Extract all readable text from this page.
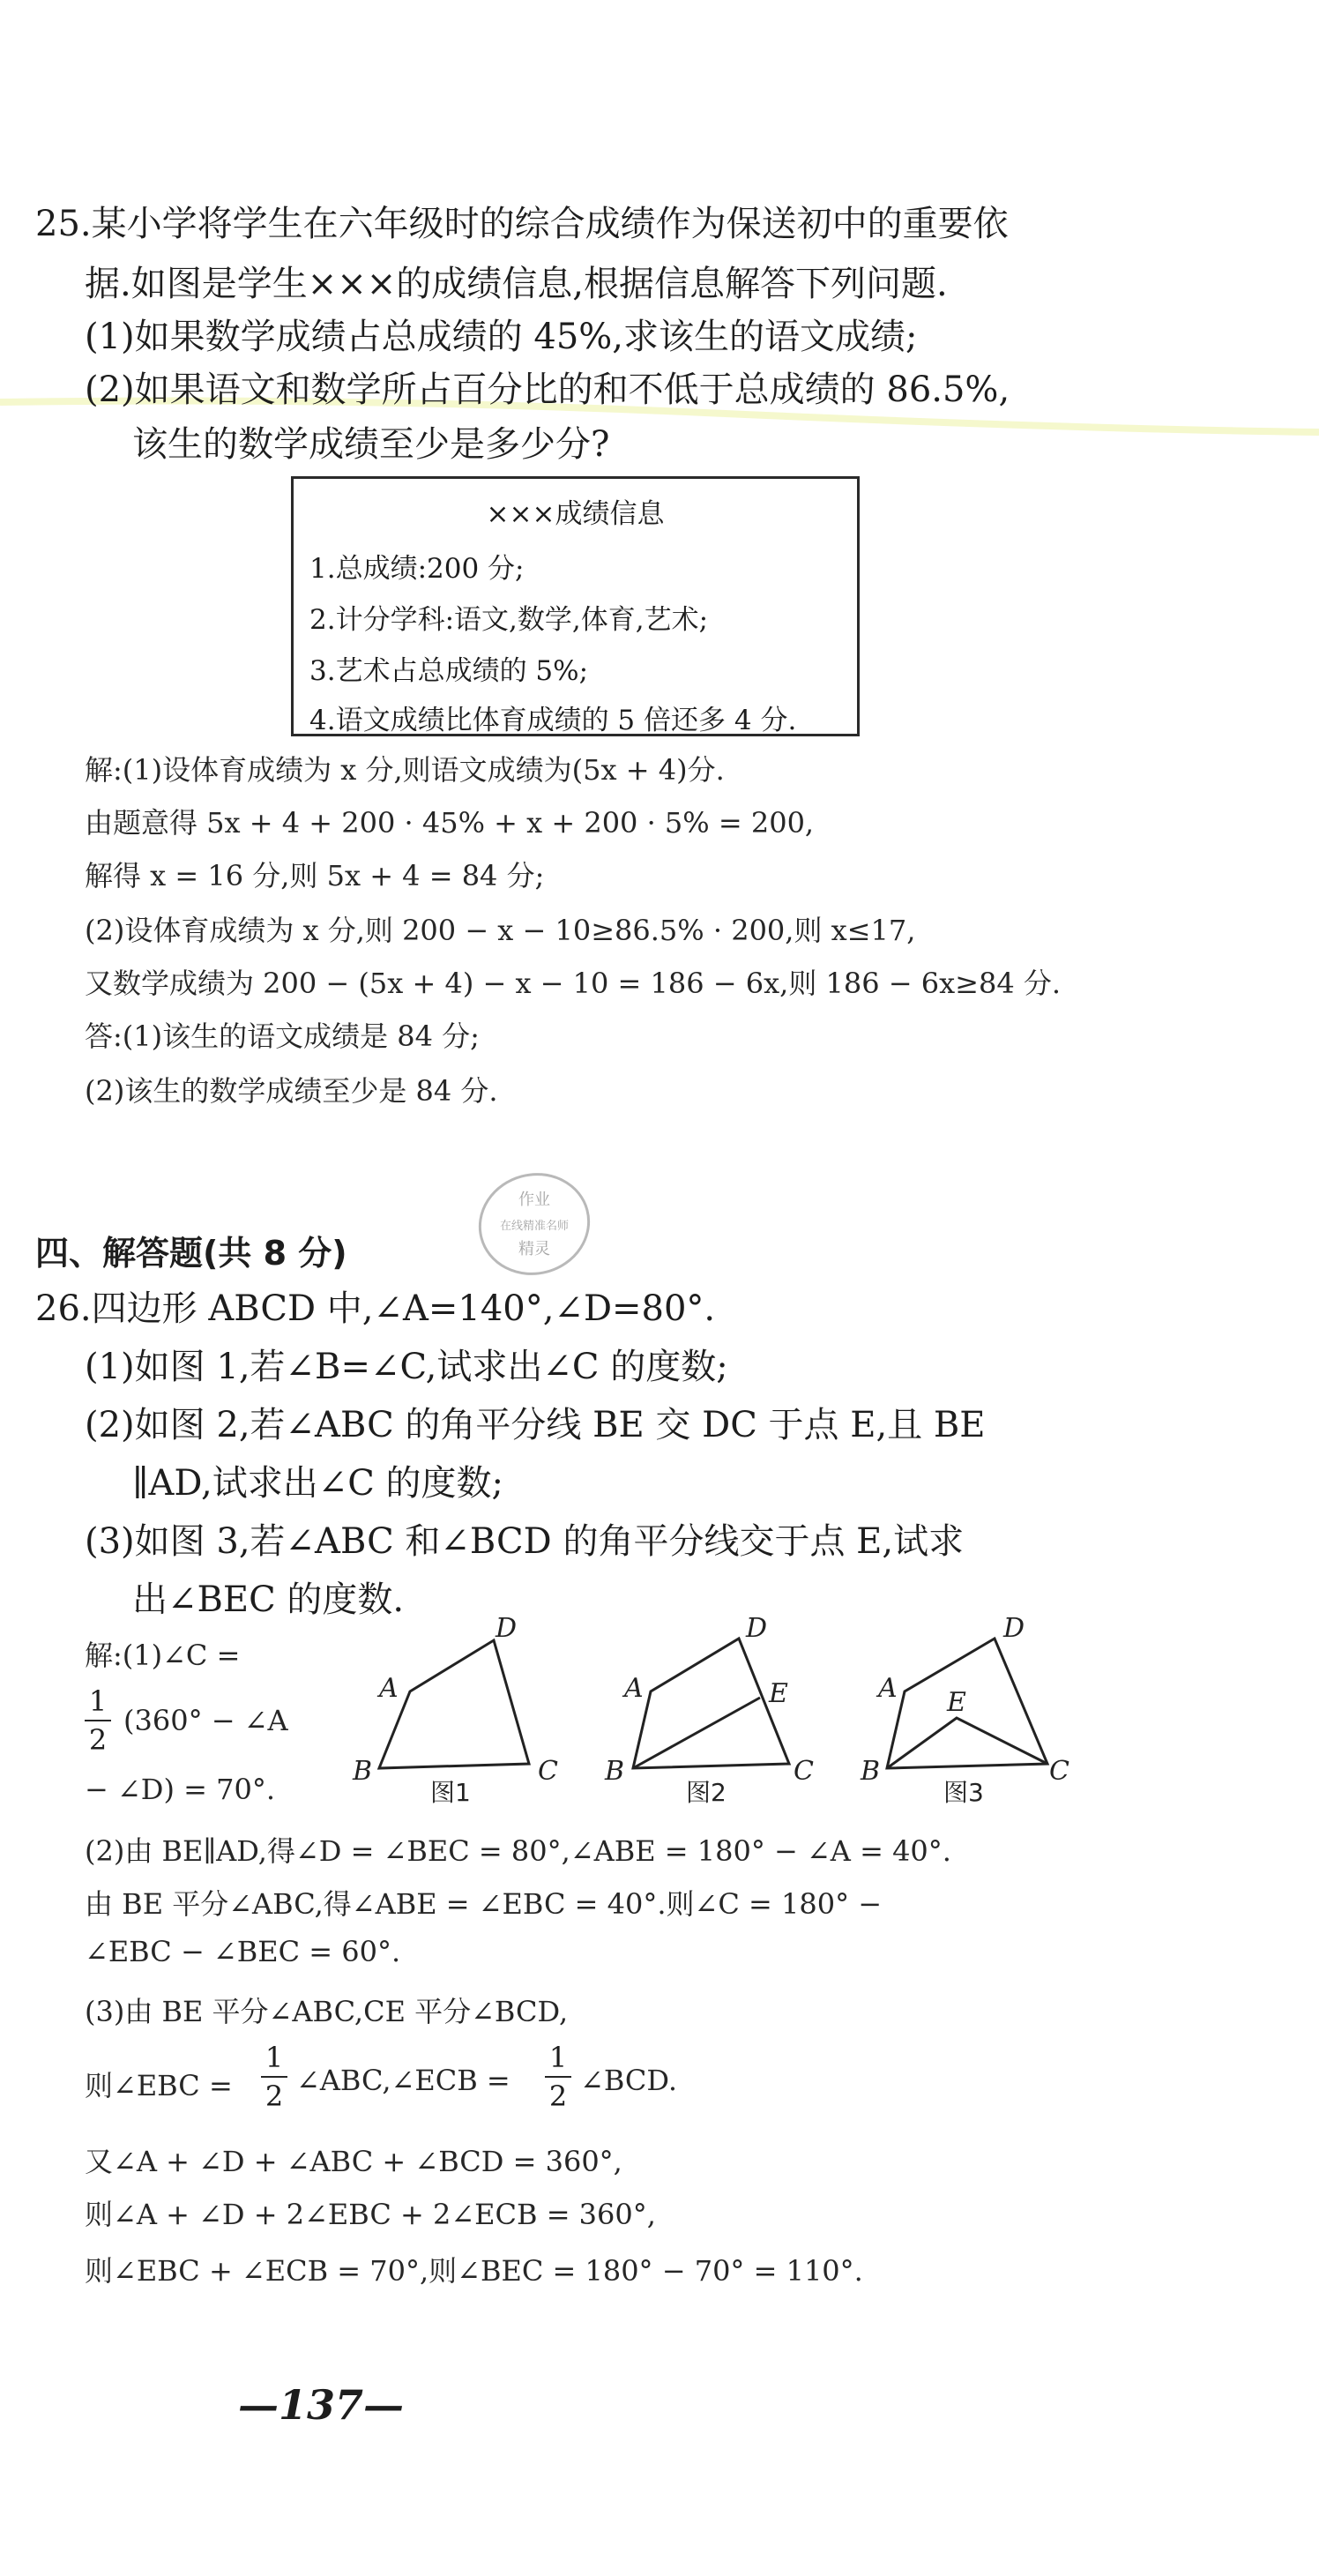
25.某小学将学生在六年级时的综合成绩作为保送初中的重要依
据.如图是学生×××的成绩信息,根据信息解答下列问题.
(1)如果数学成绩占总成绩的 45%,求该生的语文成绩;
(2)如果语文和数学所占百分比的和不低于总成绩的 86.5%,
该生的数学成绩至少是多少分?
×××成绩信息
1.总成绩:200 分;
2.计分学科:语文,数学,体育,艺术;
3.艺术占总成绩的 5%;
4.语文成绩比体育成绩的 5 倍还多 4 分.
解:(1)设体育成绩为 x 分,则语文成绩为(5x + 4)分.
由题意得 5x + 4 + 200 · 45% + x + 200 · 5% = 200,
解得 x = 16 分,则 5x + 4 = 84 分;
(2)设体育成绩为 x 分,则 200 − x − 10≥86.5% · 200,则 x≤17,
又数学成绩为 200 − (5x + 4) − x − 10 = 186 − 6x,则 186 − 6x≥84 分.
答:(1)该生的语文成绩是 84 分;
(2)该生的数学成绩至少是 84 分.
作业
在线精准名师
精灵
四、解答题(共 8 分)
26.四边形 ABCD 中,∠A=140°,∠D=80°.
(1)如图 1,若∠B=∠C,试求出∠C 的度数;
(2)如图 2,若∠ABC 的角平分线 BE 交 DC 于点 E,且 BE
∥AD,试求出∠C 的度数;
(3)如图 3,若∠ABC 和∠BCD 的角平分线交于点 E,试求
出∠BEC 的度数.
D
A
B	C
D
A	E
B	C
D
A E
B	C
图1	图2	图3
解:(1)∠C =
1
2
(360° − ∠A
− ∠D) = 70°.
(2)由 BE∥AD,得∠D = ∠BEC = 80°,∠ABE = 180° − ∠A = 40°.
由 BE 平分∠ABC,得∠ABE = ∠EBC = 40°.则∠C = 180° −
∠EBC − ∠BEC = 60°.
(3)由 BE 平分∠ABC,CE 平分∠BCD,
则∠EBC =
1
2 ∠ABC,∠ECB =
1
2 ∠BCD.
又∠A + ∠D + ∠ABC + ∠BCD = 360°,
则∠A + ∠D + 2∠EBC + 2∠ECB = 360°,
则∠EBC + ∠ECB = 70°,则∠BEC = 180° − 70° = 110°.
—137—
